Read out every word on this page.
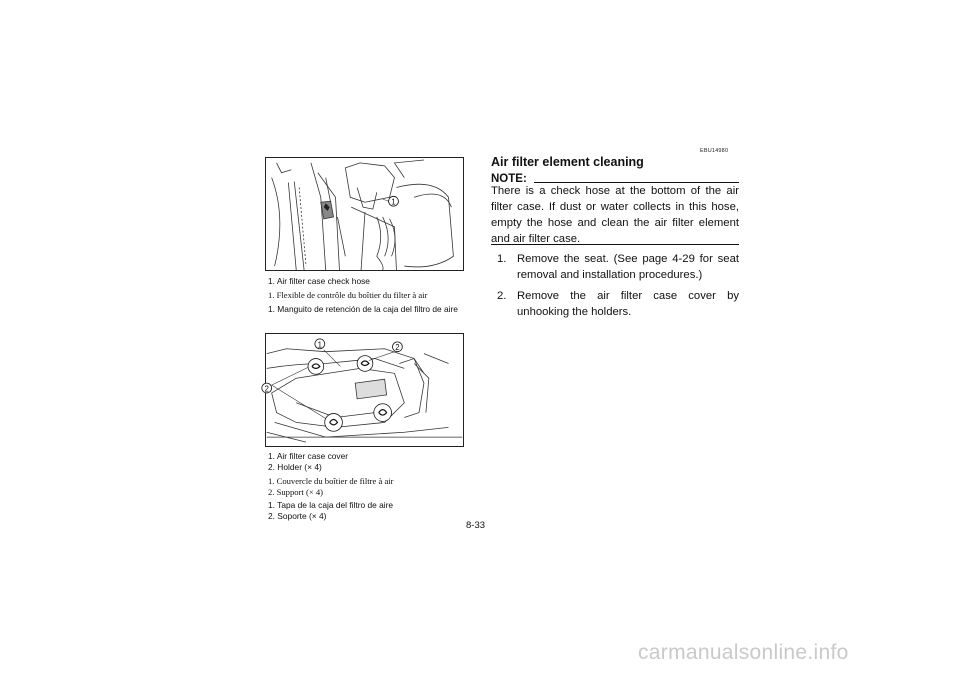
1
1. Air filter case check hose
1. Flexible de contrôle du boîtier du filter à air
1. Manguito de retención de la caja del filtro de aire
1	2
2
1. Air filter case cover
2. Holder (× 4)
1. Couvercle du boîtier de filtre à air
2. Support (× 4)
1. Tapa de la caja del filtro de aire
2. Soporte (× 4)
EBU14980
Air filter element cleaning
NOTE:
There is a check hose at the bottom of the air filter case. If dust or water collects in this hose, empty the hose and clean the air filter element and air filter case.
1. Remove the seat. (See page 4-29 for seat removal and installation procedures.)
2. Remove the air filter case cover by unhooking the holders.
8-33
carmanualsonline.info
